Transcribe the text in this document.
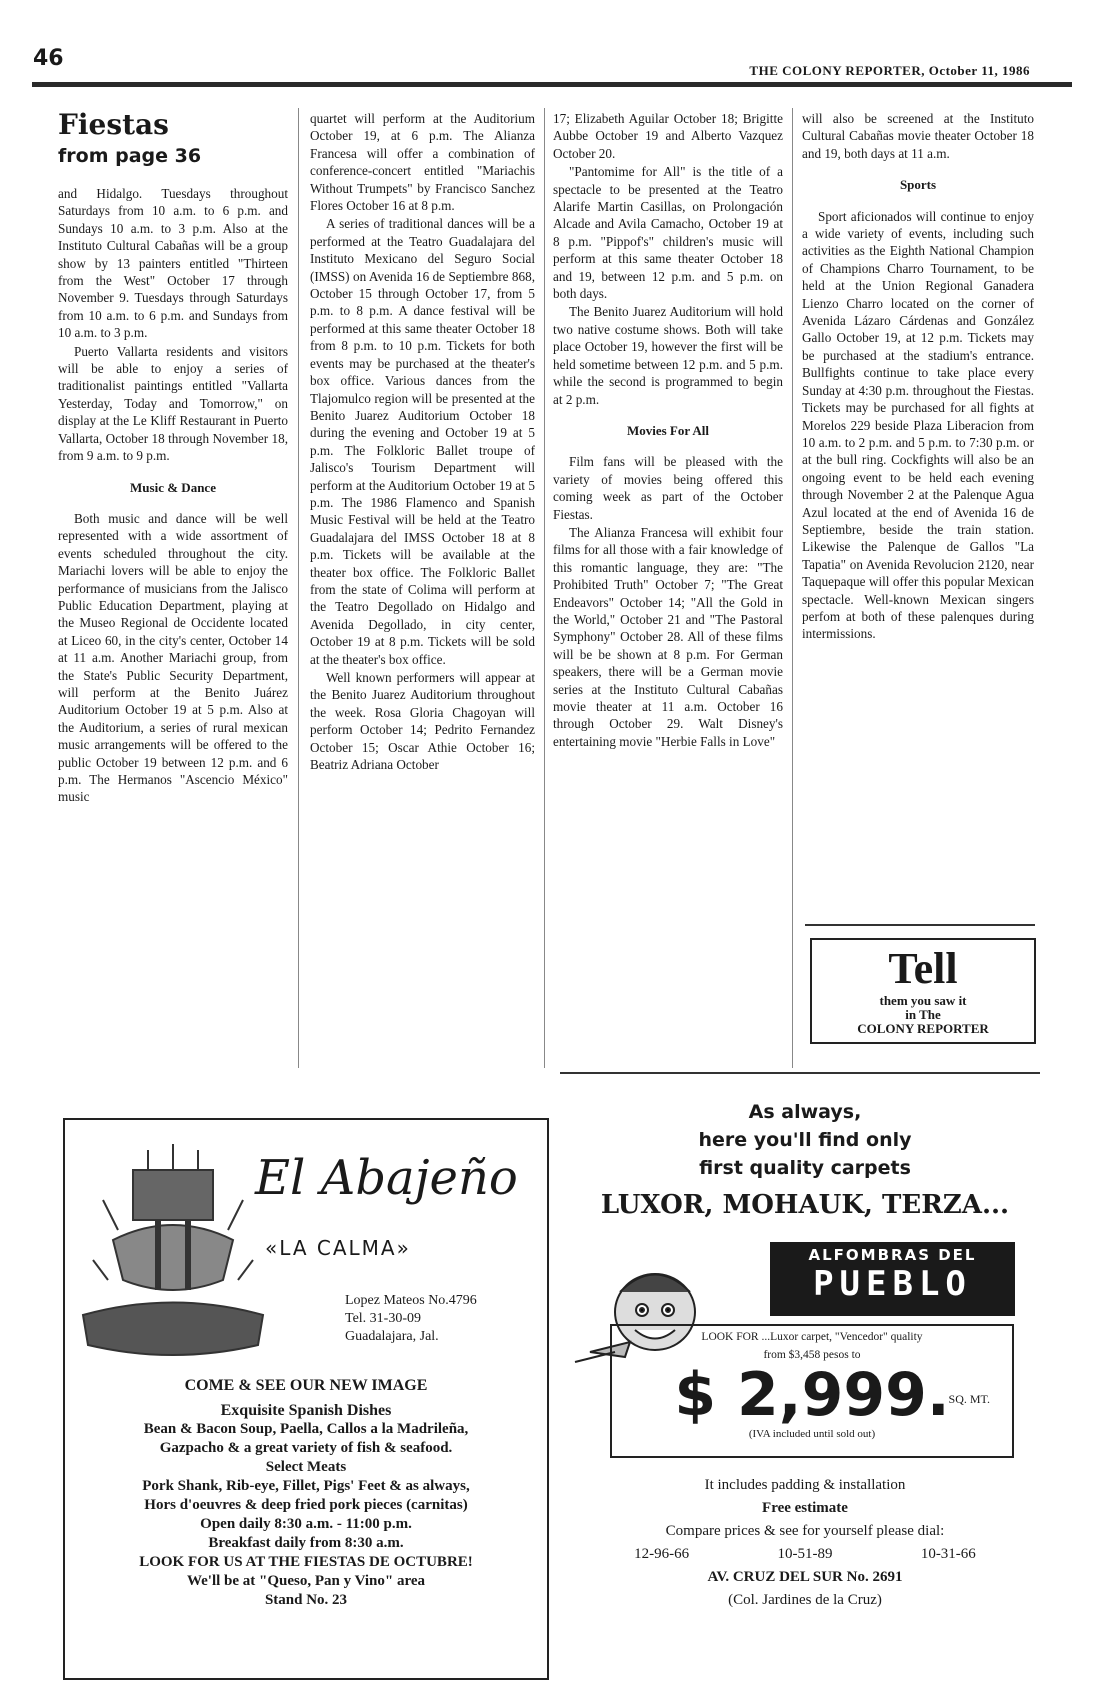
46	THE COLONY REPORTER, October 11, 1986
Fiestas
from page 36

and Hidalgo. Tuesdays throughout Saturdays from 10 a.m. to 6 p.m. and Sundays 10 a.m. to 3 p.m. Also at the Instituto Cultural Cabañas will be a group show by 13 painters entitled "Thirteen from the West" October 17 through November 9. Tuesdays through Saturdays from 10 a.m. to 6 p.m. and Sundays from 10 a.m. to 3 p.m.

Puerto Vallarta residents and visitors will be able to enjoy a series of traditionalist paintings entitled "Vallarta Yesterday, Today and Tomorrow," on display at the Le Kliff Restaurant in Puerto Vallarta, October 18 through November 18, from 9 a.m. to 9 p.m.

Music & Dance

Both music and dance will be well represented with a wide assortment of events scheduled throughout the city. Mariachi lovers will be able to enjoy the performance of musicians from the Jalisco Public Education Department, playing at the Museo Regional de Occidente located at Liceo 60, in the city's center, October 14 at 11 a.m. Another Mariachi group, from the State's Public Security Department, will perform at the Benito Juárez Auditorium October 19 at 5 p.m. Also at the Auditorium, a series of rural mexican music arrangements will be offered to the public October 19 between 12 p.m. and 6 p.m. The Hermanos "Ascencio México" music

quartet will perform at the Auditorium October 19, at 6 p.m. The Alianza Francesa will offer a combination of conference-concert entitled "Mariachis Without Trumpets" by Francisco Sanchez Flores October 16 at 8 p.m.

A series of traditional dances will be a performed at the Teatro Guadalajara del Instituto Mexicano del Seguro Social (IMSS) on Avenida 16 de Septiembre 868, October 15 through October 17, from 5 p.m. to 8 p.m. A dance festival will be performed at this same theater October 18 from 8 p.m. to 10 p.m. Tickets for both events may be purchased at the theater's box office. Various dances from the Tlajomulco region will be presented at the Benito Juarez Auditorium October 18 during the evening and October 19 at 5 p.m. The Folkloric Ballet troupe of Jalisco's Tourism Department will perform at the Auditorium October 19 at 5 p.m. The 1986 Flamenco and Spanish Music Festival will be held at the Teatro Guadalajara del IMSS October 18 at 8 p.m. Tickets will be available at the theater box office. The Folkloric Ballet from the state of Colima will perform at the Teatro Degollado on Hidalgo and Avenida Degollado, in city center, October 19 at 8 p.m. Tickets will be sold at the theater's box office.

Well known performers will appear at the Benito Juarez Auditorium throughout the week. Rosa Gloria Chagoyan will perform October 14; Pedrito Fernandez October 15; Oscar Athie October 16; Beatriz Adriana October

17; Elizabeth Aguilar October 18; Brigitte Aubbe October 19 and Alberto Vazquez October 20.

"Pantomime for All" is the title of a spectacle to be presented at the Teatro Alarife Martin Casillas, on Prolongación Alcade and Avila Camacho, October 19 at 8 p.m. "Pippof's" children's music will perform at this same theater October 18 and 19, between 12 p.m. and 5 p.m. on both days.

The Benito Juarez Auditorium will hold two native costume shows. Both will take place October 19, however the first will be held sometime between 12 p.m. and 5 p.m. while the second is programmed to begin at 2 p.m.

Movies For All

Film fans will be pleased with the variety of movies being offered this coming week as part of the October Fiestas.

The Alianza Francesa will exhibit four films for all those with a fair knowledge of this romantic language, they are: "The Prohibited Truth" October 7; "The Great Endeavors" October 14; "All the Gold in the World," October 21 and "The Pastoral Symphony" October 28. All of these films will be be shown at 8 p.m. For German speakers, there will be a German movie series at the Instituto Cultural Cabañas movie theater at 11 a.m. October 16 through October 29. Walt Disney's entertaining movie "Herbie Falls in Love"

will also be screened at the Instituto Cultural Cabañas movie theater October 18 and 19, both days at 11 a.m.

Sports

Sport aficionados will continue to enjoy a wide variety of events, including such activities as the Eighth National Champion of Champions Charro Tournament, to be held at the Union Regional Ganadera Lienzo Charro located on the corner of Avenida Lázaro Cárdenas and González Gallo October 19, at 12 p.m. Tickets may be purchased at the stadium's entrance. Bullfights continue to take place every Sunday at 4:30 p.m. throughout the Fiestas. Tickets may be purchased for all fights at Morelos 229 beside Plaza Liberacion from 10 a.m. to 2 p.m. and 5 p.m. to 7:30 p.m. or at the bull ring. Cockfights will also be an ongoing event to be held each evening through November 2 at the Palenque Agua Azul located at the end of Avenida 16 de Septiembre, beside the train station. Likewise the Palenque de Gallos "La Tapatia" on Avenida Revolucion 2120, near Taquepaque will offer this popular Mexican spectacle. Well-known Mexican singers perfom at both of these palenques during intermissions.

Tell
them you saw it
in The
COLONY REPORTER
El Abajeño
«LA CALMA»
Lopez Mateos No.4796
Tel. 31-30-09
Guadalajara, Jal.
COME & SEE OUR NEW IMAGE
Exquisite Spanish Dishes
Bean & Bacon Soup, Paella, Callos a la Madrileña,
Gazpacho & a great variety of fish & seafood.
Select Meats
Pork Shank, Rib-eye, Fillet, Pigs' Feet & as always,
Hors d'oeuvres & deep fried pork pieces (carnitas)
Open daily 8:30 a.m. - 11:00 p.m.
Breakfast daily from 8:30 a.m.
LOOK FOR US AT THE FIESTAS DE OCTUBRE!
We'll be at "Queso, Pan y Vino" area
Stand No. 23
As always,
here you'll find only
first quality carpets
LUXOR, MOHAUK, TERZA...
ALFOMBRAS DEL
PUEBLO
LOOK FOR ...Luxor carpet, "Vencedor" quality
from $3,458 pesos to
$ 2,999.
SQ. MT.
(IVA included until sold out)
It includes padding & installation
Free estimate
Compare prices & see for yourself please dial:
12-96-66	10-51-89	10-31-66
AV. CRUZ DEL SUR No. 2691
(Col. Jardines de la Cruz)
